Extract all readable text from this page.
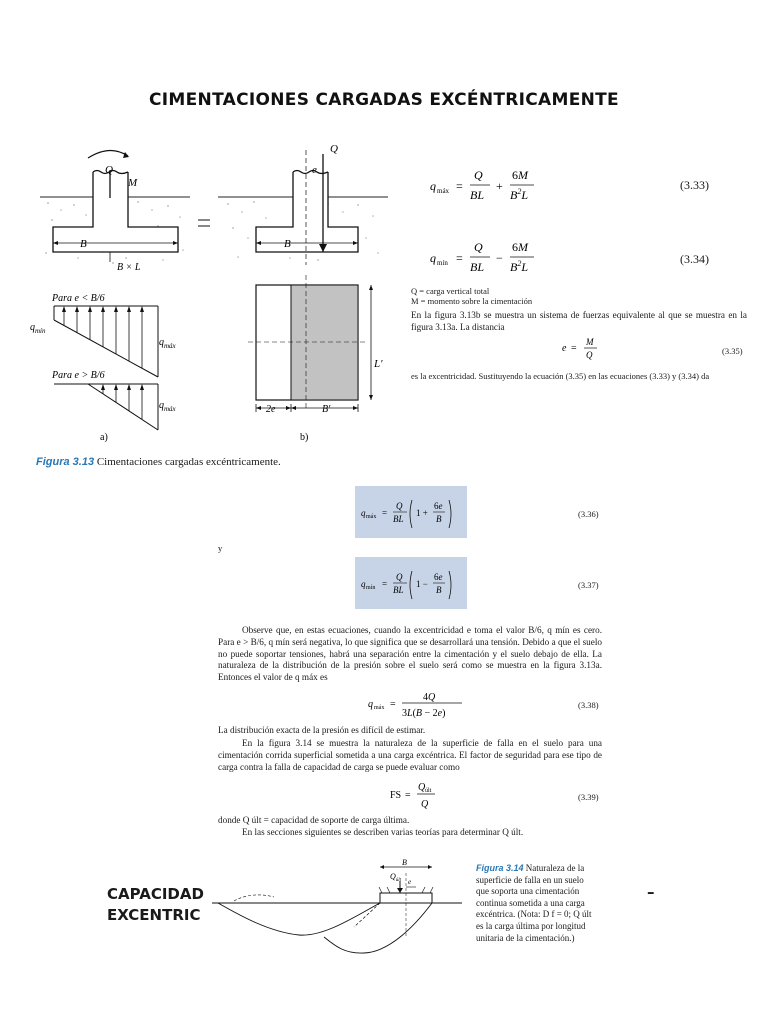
CIMENTACIONES CARGADAS EXCÉNTRICAMENTE
Q
M
B
B × L
Q
e
B
Para e < B/6
$q_{mín}$
$q_{máx}$
Para e > B/6
$q_{máx}$
a)
L′
2e	B′
b)
Figura 3.13 Cimentaciones cargadas excéntricamente.
q máx =
Q
BL
+
6M
$B^2L$
(3.33)
q mín =
Q
BL
−
6M
$B^2L$
(3.34)
Q = carga vertical total
M = momento sobre la cimentación
En la figura 3.13b se muestra un sistema de fuerzas equivalente al que se muestra en la figura 3.13a. La distancia
e =
M
Q	(3.35)
es la excentricidad. Sustituyendo la ecuación (3.35) en las ecuaciones (3.33) y (3.34) da
q máx =
Q
BL
1 +
6e
B	(3.36)
y
q mín =
Q
BL
1 −
6e
B	(3.37)
Observe que, en estas ecuaciones, cuando la excentricidad e toma el valor B/6, q mín es cero. Para e > B/6, q mín será negativa, lo que significa que se desarrollará una tensión. Debido a que el suelo no puede soportar tensiones, habrá una separación entre la cimentación y el suelo debajo de ella. La naturaleza de la distribución de la presión sobre el suelo será como se muestra en la figura 3.13a. Entonces el valor de q máx es
q máx =
4Q
3L(B − 2e)
(3.38)
La distribución exacta de la presión es difícil de estimar.
En la figura 3.14 se muestra la naturaleza de la superficie de falla en el suelo para una cimentación corrida superficial sometida a una carga excéntrica. El factor de seguridad para ese tipo de carga contra la falla de capacidad de carga se puede evaluar como
FS =
Q últ
Q
(3.39)
donde Q últ = capacidad de soporte de carga última.
En las secciones siguientes se describen varias teorías para determinar Q últ.
CAPACIDAD
EXCENTRIC
–
B
$Q_{últ}$ e
Figura 3.14 Naturaleza de la superficie de falla en un suelo que soporta una cimentación continua sometida a una carga excéntrica. (Nota: D f = 0; Q últ es la carga última por longitud unitaria de la cimentación.)
